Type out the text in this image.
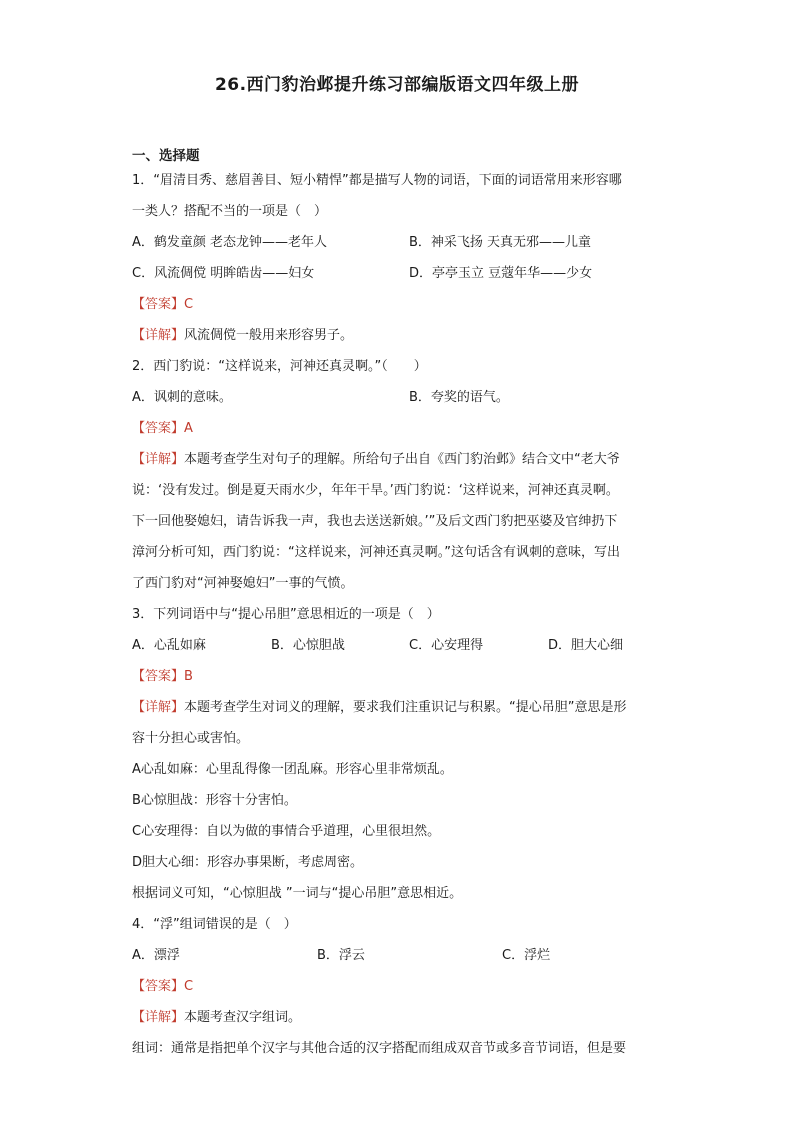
26.西门豹治邺提升练习部编版语文四年级上册
一、选择题
1．“眉清目秀、慈眉善目、短小精悍”都是描写人物的词语，下面的词语常用来形容哪
一类人？搭配不当的一项是（　）
A．鹤发童颜 老态龙钟——老年人	B．神采飞扬 天真无邪——儿童
C．风流倜傥 明眸皓齿——妇女	D．亭亭玉立 豆蔻年华——少女
【答案】C
【详解】风流倜傥一般用来形容男子。
2．西门豹说：“这样说来，河神还真灵啊。”（　　）
A．讽刺的意味。	B．夸奖的语气。
【答案】A
【详解】本题考查学生对句子的理解。所给句子出自《西门豹治邺》结合文中“老大爷
说：‘没有发过。倒是夏天雨水少，年年干旱。’西门豹说：‘这样说来，河神还真灵啊。
下一回他娶媳妇，请告诉我一声，我也去送送新娘。’”及后文西门豹把巫婆及官绅扔下
漳河分析可知，西门豹说：“这样说来，河神还真灵啊。”这句话含有讽刺的意味，写出
了西门豹对“河神娶媳妇”一事的气愤。
3．下列词语中与“提心吊胆”意思相近的一项是（　）
A．心乱如麻	B．心惊胆战	C．心安理得	D．胆大心细
【答案】B
【详解】本题考查学生对词义的理解，要求我们注重识记与积累。“提心吊胆”意思是形
容十分担心或害怕。
A心乱如麻：心里乱得像一团乱麻。形容心里非常烦乱。
B心惊胆战：形容十分害怕。
C心安理得：自以为做的事情合乎道理，心里很坦然。
D胆大心细：形容办事果断，考虑周密。
根据词义可知，“心惊胆战 ”一词与“提心吊胆”意思相近。
4．“浮”组词错误的是（　）
A．漂浮	B．浮云	C．浮烂
【答案】C
【详解】本题考查汉字组词。
组词：通常是指把单个汉字与其他合适的汉字搭配而组成双音节或多音节词语，但是要
